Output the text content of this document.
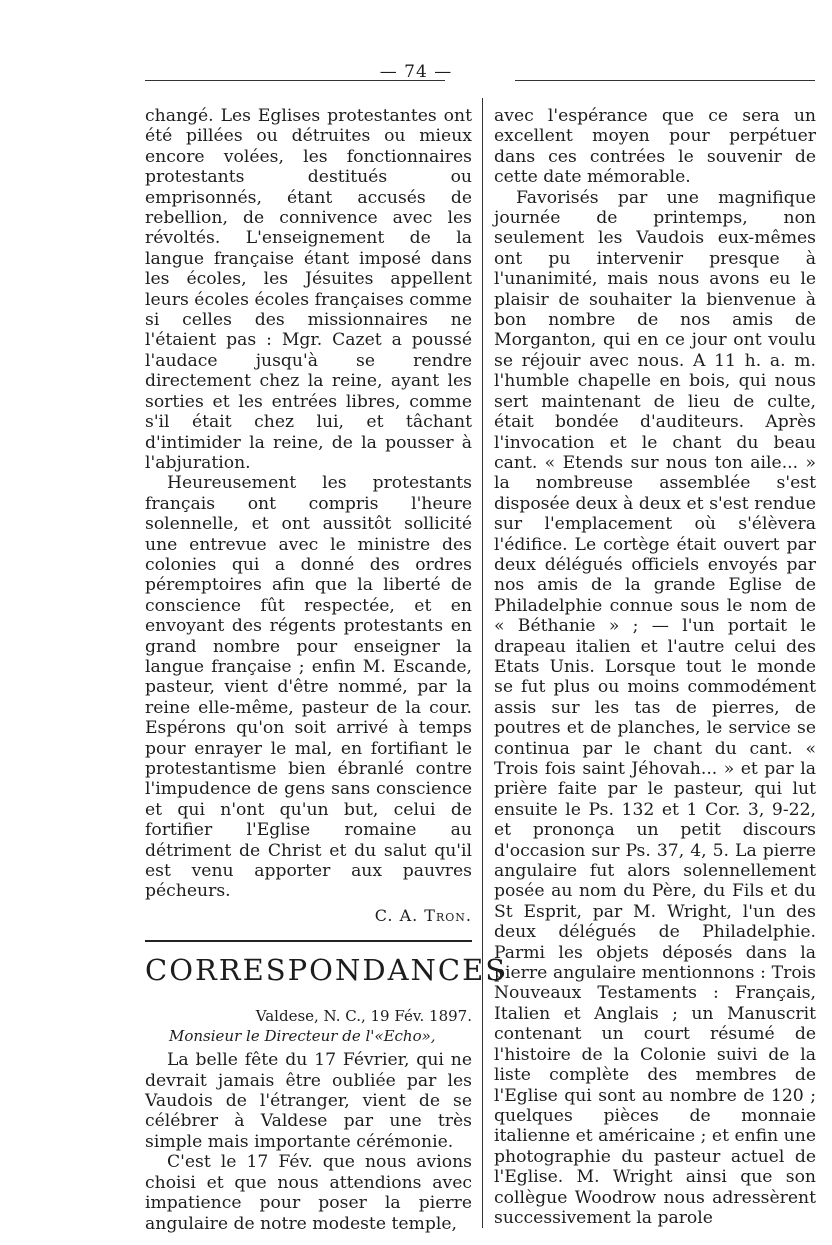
— 74 —

changé. Les Eglises protestantes ont été pillées ou détruites ou mieux encore volées, les fonctionnaires protestants destitués ou emprisonnés, étant accusés de rebellion, de connivence avec les révoltés. L'enseignement de la langue française étant imposé dans les écoles, les Jésuites appellent leurs écoles écoles françaises comme si celles des missionnaires ne l'étaient pas : Mgr. Cazet a poussé l'audace jusqu'à se rendre directement chez la reine, ayant les sorties et les entrées libres, comme s'il était chez lui, et tâchant d'intimider la reine, de la pousser à l'abjuration.

Heureusement les protestants français ont compris l'heure solennelle, et ont aussitôt sollicité une entrevue avec le ministre des colonies qui a donné des ordres péremptoires afin que la liberté de conscience fût respectée, et en envoyant des régents protestants en grand nombre pour enseigner la langue française ; enfin M. Escande, pasteur, vient d'être nommé, par la reine elle-même, pasteur de la cour. Espérons qu'on soit arrivé à temps pour enrayer le mal, en fortifiant le protestantisme bien ébranlé contre l'impudence de gens sans conscience et qui n'ont qu'un but, celui de fortifier l'Eglise romaine au détriment de Christ et du salut qu'il est venu apporter aux pauvres pécheurs.

C. A. Tron.
CORRESPONDANCES
Valdese, N. C., 19 Fév. 1897.
Monsieur le Directeur de l'«Echo»,

La belle fête du 17 Février, qui ne devrait jamais être oubliée par les Vaudois de l'étranger, vient de se célébrer à Valdese par une très simple mais importante cérémonie.

C'est le 17 Fév. que nous avions choisi et que nous attendions avec impatience pour poser la pierre angulaire de notre modeste temple,

avec l'espérance que ce sera un excellent moyen pour perpétuer dans ces contrées le souvenir de cette date mémorable.

Favorisés par une magnifique journée de printemps, non seulement les Vaudois eux-mêmes ont pu intervenir presque à l'unanimité, mais nous avons eu le plaisir de souhaiter la bienvenue à bon nombre de nos amis de Morganton, qui en ce jour ont voulu se réjouir avec nous. A 11 h. a. m. l'humble chapelle en bois, qui nous sert maintenant de lieu de culte, était bondée d'auditeurs. Après l'invocation et le chant du beau cant. « Etends sur nous ton aile... » la nombreuse assemblée s'est disposée deux à deux et s'est rendue sur l'emplacement où s'élèvera l'édifice. Le cortège était ouvert par deux délégués officiels envoyés par nos amis de la grande Eglise de Philadelphie connue sous le nom de « Béthanie » ; — l'un portait le drapeau italien et l'autre celui des Etats Unis. Lorsque tout le monde se fut plus ou moins commodément assis sur les tas de pierres, de poutres et de planches, le service se continua par le chant du cant. « Trois fois saint Jéhovah... » et par la prière faite par le pasteur, qui lut ensuite le Ps. 132 et 1 Cor. 3, 9-22, et prononça un petit discours d'occasion sur Ps. 37, 4, 5. La pierre angulaire fut alors solennellement posée au nom du Père, du Fils et du St Esprit, par M. Wright, l'un des deux délégués de Philadelphie. Parmi les objets déposés dans la pierre angulaire mentionnons : Trois Nouveaux Testaments : Français, Italien et Anglais ; un Manuscrit contenant un court résumé de l'histoire de la Colonie suivi de la liste complète des membres de l'Eglise qui sont au nombre de 120 ; quelques pièces de monnaie italienne et américaine ; et enfin une photographie du pasteur actuel de l'Eglise. M. Wright ainsi que son collègue Woodrow nous adressèrent successivement la parole
